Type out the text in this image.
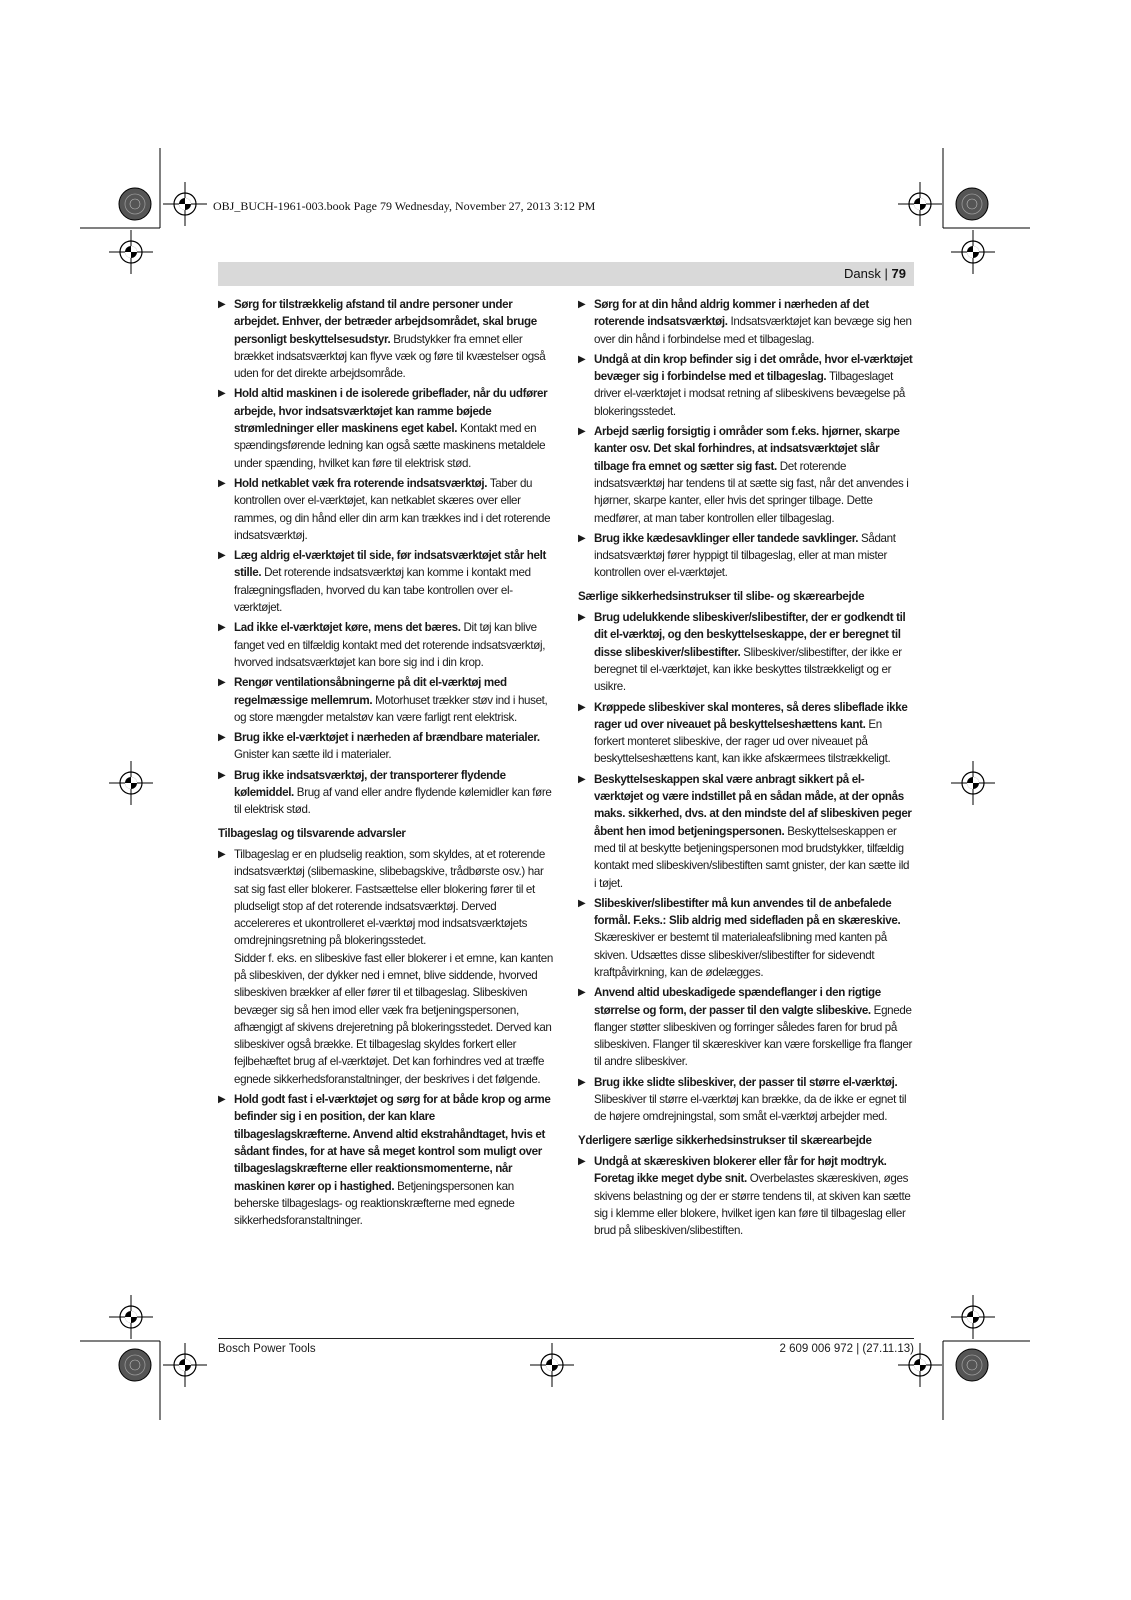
OBJ_BUCH-1961-003.book Page 79 Wednesday, November 27, 2013 3:12 PM
Dansk | 79
▶ Sørg for tilstrækkelig afstand til andre personer under arbejdet. Enhver, der betræder arbejdsområdet, skal bruge personligt beskyttelsesudstyr. Brudstykker fra emnet eller brækket indsatsværktøj kan flyve væk og føre til kvæstelser også uden for det direkte arbejdsområde.
▶ Hold altid maskinen i de isolerede gribeflader, når du udfører arbejde, hvor indsatsværktøjet kan ramme bøjede strømledninger eller maskinens eget kabel. Kontakt med en spændingsførende ledning kan også sætte maskinens metaldele under spænding, hvilket kan føre til elektrisk stød.
▶ Hold netkablet væk fra roterende indsatsværktøj. Taber du kontrollen over el-værktøjet, kan netkablet skæres over eller rammes, og din hånd eller din arm kan trækkes ind i det roterende indsatsværktøj.
▶ Læg aldrig el-værktøjet til side, før indsatsværktøjet står helt stille. Det roterende indsatsværktøj kan komme i kontakt med fralægningsfladen, hvorved du kan tabe kontrollen over el-værktøjet.
▶ Lad ikke el-værktøjet køre, mens det bæres. Dit tøj kan blive fanget ved en tilfældig kontakt med det roterende indsatsværktøj, hvorved indsatsværktøjet kan bore sig ind i din krop.
▶ Rengør ventilationsåbningerne på dit el-værktøj med regelmæssige mellemrum. Motorhuset trækker støv ind i huset, og store mængder metalstøv kan være farligt rent elektrisk.
▶ Brug ikke el-værktøjet i nærheden af brændbare materialer. Gnister kan sætte ild i materialer.
▶ Brug ikke indsatsværktøj, der transporterer flydende kølemiddel. Brug af vand eller andre flydende kølemidler kan føre til elektrisk stød.
Tilbageslag og tilsvarende advarsler
▶ Tilbageslag er en pludselig reaktion, som skyldes, at et roterende indsatsværktøj (slibemaskine, slibebagskive, trådbørste osv.) har sat sig fast eller blokerer. Fastsættelse eller blokering fører til et pludseligt stop af det roterende indsatsværktøj. Derved accelereres et ukontrolleret el-værktøj mod indsatsværktøjets omdrejningsretning på blokeringsstedet.
Sidder f. eks. en slibeskive fast eller blokerer i et emne, kan kanten på slibeskiven, der dykker ned i emnet, blive siddende, hvorved slibeskiven brækker af eller fører til et tilbageslag. Slibeskiven bevæger sig så hen imod eller væk fra betjeningspersonen, afhængigt af skivens drejeretning på blokeringsstedet. Derved kan slibeskiver også brække. Et tilbageslag skyldes forkert eller fejlbehæftet brug af el-værktøjet. Det kan forhindres ved at træffe egnede sikkerhedsforanstaltninger, der beskrives i det følgende.
▶ Hold godt fast i el-værktøjet og sørg for at både krop og arme befinder sig i en position, der kan klare tilbageslagskræfterne. Anvend altid ekstrahåndtaget, hvis et sådant findes, for at have så meget kontrol som muligt over tilbageslagskræfterne eller reaktionsmomenterne, når maskinen kører op i hastighed. Betjeningspersonen kan beherske tilbageslags- og reaktionskræfterne med egnede sikkerhedsforanstaltninger.
▶ Sørg for at din hånd aldrig kommer i nærheden af det roterende indsatsværktøj. Indsatsværktøjet kan bevæge sig hen over din hånd i forbindelse med et tilbageslag.
▶ Undgå at din krop befinder sig i det område, hvor el-værktøjet bevæger sig i forbindelse med et tilbageslag. Tilbageslaget driver el-værktøjet i modsat retning af slibeskivens bevægelse på blokeringsstedet.
▶ Arbejd særlig forsigtig i områder som f.eks. hjørner, skarpe kanter osv. Det skal forhindres, at indsatsværktøjet slår tilbage fra emnet og sætter sig fast. Det roterende indsatsværktøj har tendens til at sætte sig fast, når det anvendes i hjørner, skarpe kanter, eller hvis det springer tilbage. Dette medfører, at man taber kontrollen eller tilbageslag.
▶ Brug ikke kædesavklinger eller tandede savklinger. Sådant indsatsværktøj fører hyppigt til tilbageslag, eller at man mister kontrollen over el-værktøjet.
Særlige sikkerhedsinstrukser til slibe- og skærearbejde
▶ Brug udelukkende slibeskiver/slibestifter, der er godkendt til dit el-værktøj, og den beskyttelseskappe, der er beregnet til disse slibeskiver/slibestifter. Slibeskiver/slibestifter, der ikke er beregnet til el-værktøjet, kan ikke beskyttes tilstrækkeligt og er usikre.
▶ Krøppede slibeskiver skal monteres, så deres slibeflade ikke rager ud over niveauet på beskyttelseshættens kant. En forkert monteret slibeskive, der rager ud over niveauet på beskyttelseshættens kant, kan ikke afskærmees tilstrækkeligt.
▶ Beskyttelseskappen skal være anbragt sikkert på el-værktøjet og være indstillet på en sådan måde, at der opnås maks. sikkerhed, dvs. at den mindste del af slibeskiven peger åbent hen imod betjeningspersonen. Beskyttelseskappen er med til at beskytte betjeningspersonen mod brudstykker, tilfældig kontakt med slibeskiven/slibestiften samt gnister, der kan sætte ild i tøjet.
▶ Slibeskiver/slibestifter må kun anvendes til de anbefalede formål. F.eks.: Slib aldrig med sidefladen på en skæreskive. Skæreskiver er bestemt til materialeafslibning med kanten på skiven. Udsættes disse slibeskiver/slibestifter for sidevendt kraftpåvirkning, kan de ødelægges.
▶ Anvend altid ubeskadigede spændeflanger i den rigtige størrelse og form, der passer til den valgte slibeskive. Egnede flanger støtter slibeskiven og forringer således faren for brud på slibeskiven. Flanger til skæreskiver kan være forskellige fra flanger til andre slibeskiver.
▶ Brug ikke slidte slibeskiver, der passer til større el-værktøj. Slibeskiver til større el-værktøj kan brække, da de ikke er egnet til de højere omdrejningstal, som småt el-værktøj arbejder med.
Yderligere særlige sikkerhedsinstrukser til skærearbejde
▶ Undgå at skæreskiven blokerer eller får for højt modtryk. Foretag ikke meget dybe snit. Overbelastes skæreskiven, øges skivens belastning og der er større tendens til, at skiven kan sætte sig i klemme eller blokere, hvilket igen kan føre til tilbageslag eller brud på slibeskiven/slibestiften.
Bosch Power Tools	2 609 006 972 | (27.11.13)
